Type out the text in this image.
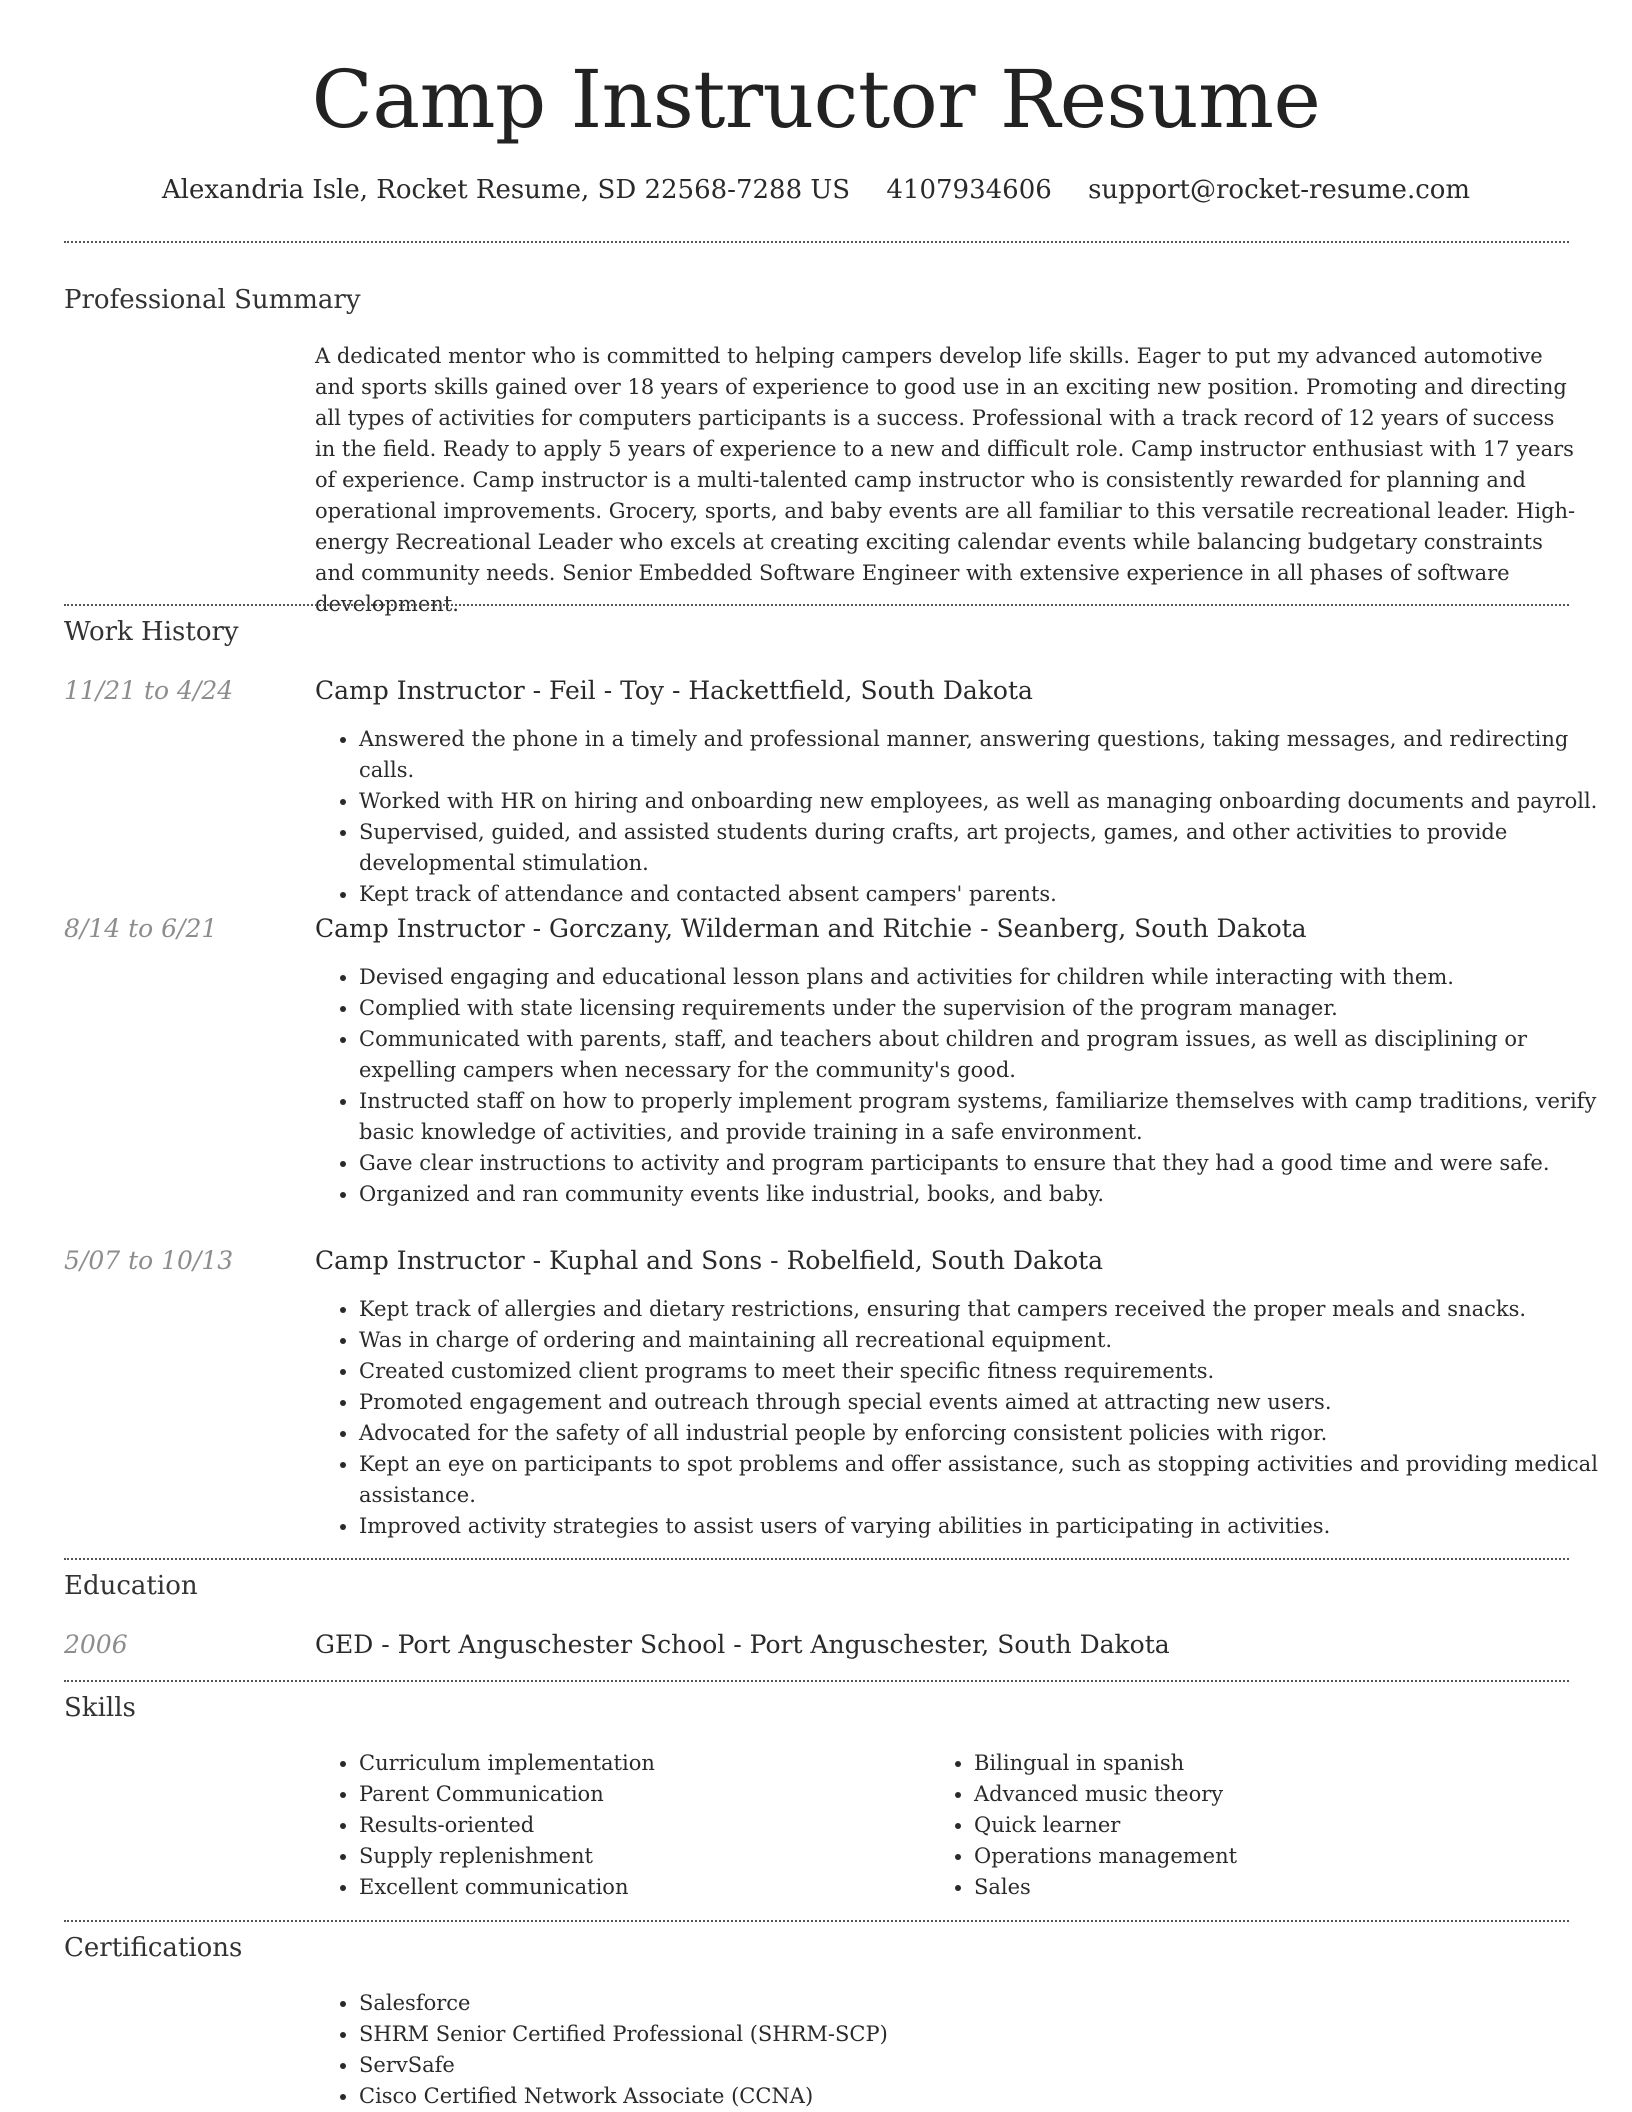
Camp Instructor Resume
Alexandria Isle, Rocket Resume, SD 22568-7288 US 4107934606 support@rocket-resume.com
Professional Summary

A dedicated mentor who is committed to helping campers develop life skills. Eager to put my advanced automotive and sports skills gained over 18 years of experience to good use in an exciting new position. Promoting and directing all types of activities for computers participants is a success. Professional with a track record of 12 years of success in the field. Ready to apply 5 years of experience to a new and difficult role. Camp instructor enthusiast with 17 years of experience. Camp instructor is a multi-talented camp instructor who is consistently rewarded for planning and operational improvements. Grocery, sports, and baby events are all familiar to this versatile recreational leader. High-energy Recreational Leader who excels at creating exciting calendar events while balancing budgetary constraints and community needs. Senior Embedded Software Engineer with extensive experience in all phases of software development.

Work History
11/21 to 4/24	Camp Instructor - Feil - Toy - Hackettfield, South Dakota
• Answered the phone in a timely and professional manner, answering questions, taking messages, and redirecting calls.
• Worked with HR on hiring and onboarding new employees, as well as managing onboarding documents and payroll.
• Supervised, guided, and assisted students during crafts, art projects, games, and other activities to provide developmental stimulation.
• Kept track of attendance and contacted absent campers' parents.
8/14 to 6/21	Camp Instructor - Gorczany, Wilderman and Ritchie - Seanberg, South Dakota
• Devised engaging and educational lesson plans and activities for children while interacting with them.
• Complied with state licensing requirements under the supervision of the program manager.
• Communicated with parents, staff, and teachers about children and program issues, as well as disciplining or expelling campers when necessary for the community's good.
• Instructed staff on how to properly implement program systems, familiarize themselves with camp traditions, verify basic knowledge of activities, and provide training in a safe environment.
• Gave clear instructions to activity and program participants to ensure that they had a good time and were safe.
• Organized and ran community events like industrial, books, and baby.
5/07 to 10/13	Camp Instructor - Kuphal and Sons - Robelfield, South Dakota
• Kept track of allergies and dietary restrictions, ensuring that campers received the proper meals and snacks.
• Was in charge of ordering and maintaining all recreational equipment.
• Created customized client programs to meet their specific fitness requirements.
• Promoted engagement and outreach through special events aimed at attracting new users.
• Advocated for the safety of all industrial people by enforcing consistent policies with rigor.
• Kept an eye on participants to spot problems and offer assistance, such as stopping activities and providing medical assistance.
• Improved activity strategies to assist users of varying abilities in participating in activities.
Education
2006	GED - Port Anguschester School - Port Anguschester, South Dakota
Skills
• Curriculum implementation
• Parent Communication
• Results-oriented
• Supply replenishment
• Excellent communication
• Bilingual in spanish
• Advanced music theory
• Quick learner
• Operations management
• Sales
Certifications
• Salesforce
• SHRM Senior Certified Professional (SHRM-SCP)
• ServSafe
• Cisco Certified Network Associate (CCNA)
